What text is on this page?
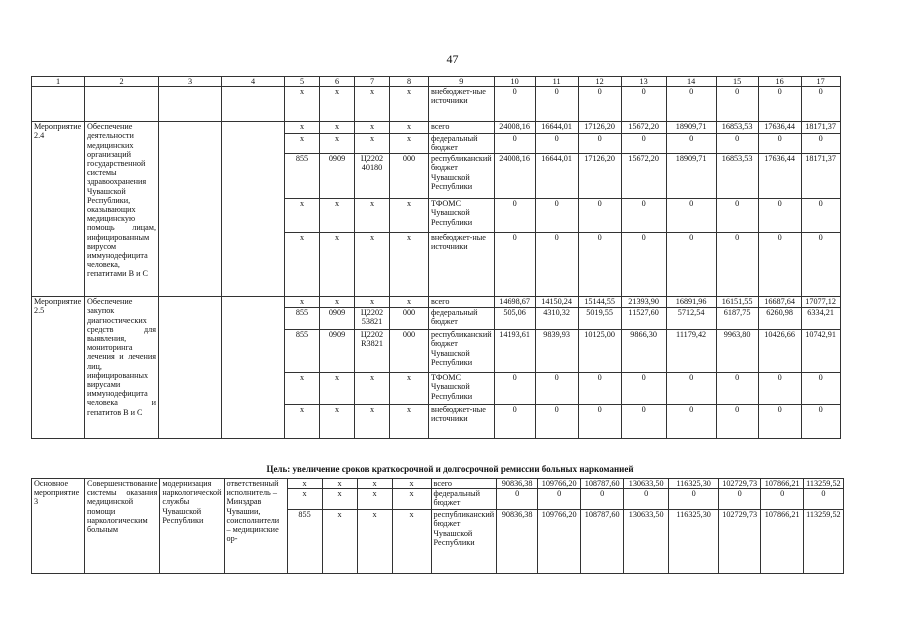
47
1	2	3	4	5	6	7	8	9	10	11	12	13	14	15	16	17
				х	х	х	х	внебюджет-ные источники	0	0	0	0	0	0	0	0
Мероприятие 2.4	Обеспечение деятельности медицинских организаций государственной системы здравоохранения Чувашской Республики, оказывающих медицинскую помощь лицам, инфицированным вирусом иммунодефицита человека, гепатитами В и С			х	х	х	х	всего	24008,16	16644,01	17126,20	15672,20	18909,71	16853,53	17636,44	18171,37
				х	х	х	х	федеральный бюджет	0	0	0	0	0	0	0	0
				855	0909	Ц2202 40180	000	республиканский бюджет Чувашской Республики	24008,16	16644,01	17126,20	15672,20	18909,71	16853,53	17636,44	18171,37
				х	х	х	х	ТФОМС Чувашской Республики	0	0	0	0	0	0	0	0
				х	х	х	х	внебюджет-ные источники	0	0	0	0	0	0	0	0
Мероприятие 2.5	Обеспечение закупок диагностических средств для выявления, мониторинга лечения и лечения лиц, инфицированных вирусами иммунодефицита человека и гепатитов В и С			х	х	х	х	всего	14698,67	14150,24	15144,55	21393,90	16891,96	16151,55	16687,64	17077,12
				855	0909	Ц2202 53821	000	федеральный бюджет	505,06	4310,32	5019,55	11527,60	5712,54	6187,75	6260,98	6334,21
				855	0909	Ц2202 R3821	000	республиканский бюджет Чувашской Республики	14193,61	9839,93	10125,00	9866,30	11179,42	9963,80	10426,66	10742,91
				х	х	х	х	ТФОМС Чувашской Республики	0	0	0	0	0	0	0	0
				х	х	х	х	внебюджет-ные источники	0	0	0	0	0	0	0	0
Цель: увеличение сроков краткосрочной и долгосрочной ремиссии больных наркоманией
Основное мероприятие 3	Совершенствование системы оказания медицинской помощи наркологическим больным	модернизация наркологической службы Чувашской Республики	ответственный исполнитель – Минздрав Чувашии, соисполнители – медицинские ор-	х	х	х	х	всего	90836,38	109766,20	108787,60	130633,50	116325,30	102729,73	107866,21	113259,52
				х	х	х	х	федеральный бюджет	0	0	0	0	0	0	0	0
				855	х	х	х	республиканский бюджет Чувашской Республики	90836,38	109766,20	108787,60	130633,50	116325,30	102729,73	107866,21	113259,52
